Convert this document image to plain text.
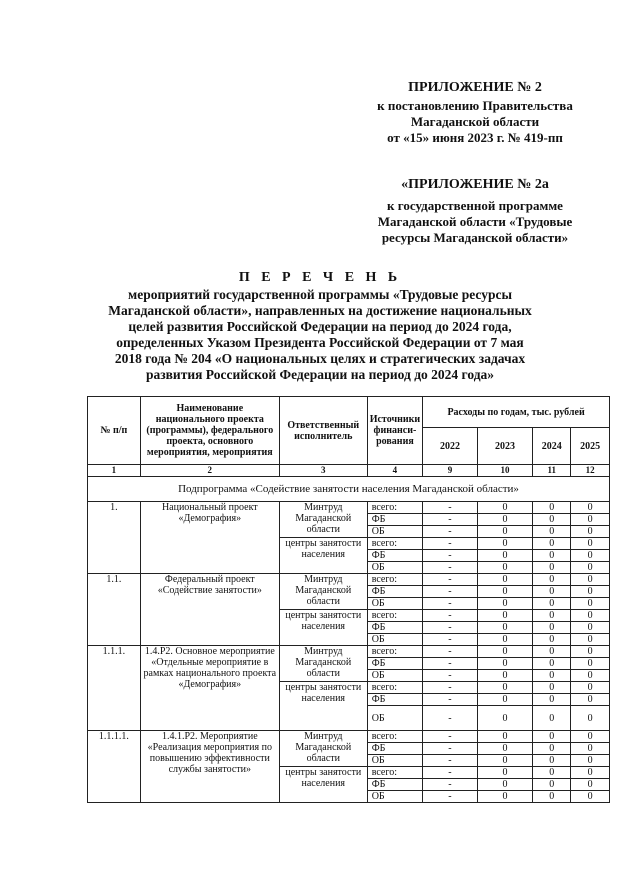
ПРИЛОЖЕНИЕ № 2
к постановлению Правительства
Магаданской области
от «15» июня 2023 г. № 419-пп
«ПРИЛОЖЕНИЕ № 2а
к государственной программе
Магаданской области «Трудовые
ресурсы Магаданской области»
П Е Р Е Ч Е Н Ь
мероприятий государственной программы «Трудовые ресурсы
Магаданской области», направленных на достижение национальных
целей развития Российской Федерации на период до 2024 года,
определенных Указом Президента Российской Федерации от 7 мая
2018 года № 204 «О национальных целях и стратегических задачах
развития Российской Федерации на период до 2024 года»
№ п/п	Наименование национального проекта (программы), федерального проекта, основного мероприятия, мероприятия	Ответственный исполнитель	Источники финанси-рования	Расходы по годам, тыс. рублей			
				2022	2023	2024	2025
1	2	3	4	9	10	11	12
Подпрограмма «Содействие занятости населения Магаданской области»							
1.	Национальный проект «Демография»	Минтруд Магаданской области	всего:	-	0	0	0
			ФБ	-	0	0	0
			ОБ	-	0	0	0
		центры занятости населения	всего:	-	0	0	0
			ФБ	-	0	0	0
			ОБ	-	0	0	0
1.1.	Федеральный проект «Содействие занятости»	Минтруд Магаданской области	всего:	-	0	0	0
			ФБ	-	0	0	0
			ОБ	-	0	0	0
		центры занятости населения	всего:	-	0	0	0
			ФБ	-	0	0	0
			ОБ	-	0	0	0
1.1.1.	1.4.Р2. Основное мероприятие «Отдельные мероприятие в рамках национального проекта «Демография»	Минтруд Магаданской области	всего:	-	0	0	0
			ФБ	-	0	0	0
			ОБ	-	0	0	0
		центры занятости населения	всего:	-	0	0	0
			ФБ	-	0	0	0
			ОБ	-	0	0	0
1.1.1.1.	1.4.1.Р2. Мероприятие «Реализация мероприятия по повышению эффективности службы занятости»	Минтруд Магаданской области	всего:	-	0	0	0
			ФБ	-	0	0	0
			ОБ	-	0	0	0
		центры занятости населения	всего:	-	0	0	0
			ФБ	-	0	0	0
			ОБ	-	0	0	0
